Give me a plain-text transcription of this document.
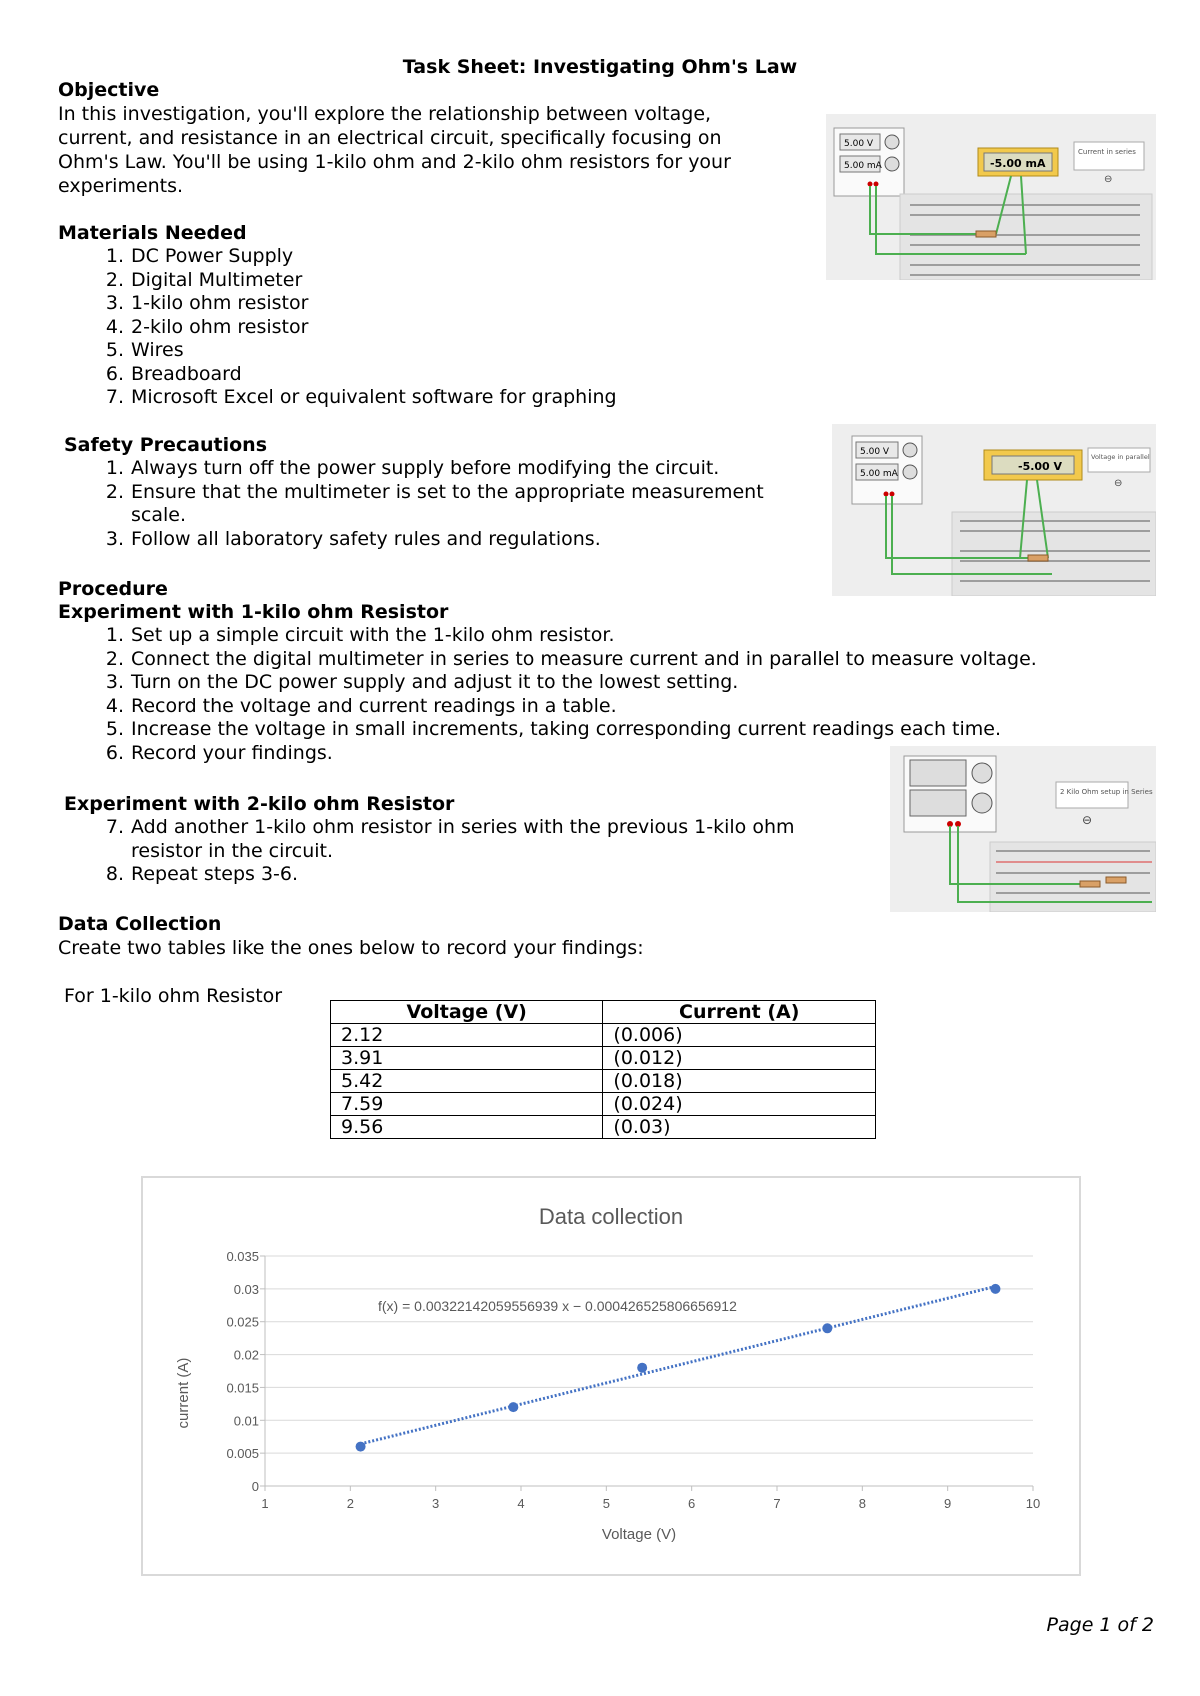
Task Sheet: Investigating Ohm's Law
Objective
In this investigation, you'll explore the relationship between voltage,
current, and resistance in an electrical circuit, specifically focusing on
Ohm's Law. You'll be using 1-kilo ohm and 2-kilo ohm resistors for your
experiments.
Materials Needed
1. DC Power Supply
2. Digital Multimeter
3. 1-kilo ohm resistor
4. 2-kilo ohm resistor
5. Wires
6. Breadboard
7. Microsoft Excel or equivalent software for graphing
Safety Precautions
1. Always turn off the power supply before modifying the circuit.
2. Ensure that the multimeter is set to the appropriate measurement
scale.
3. Follow all laboratory safety rules and regulations.
Procedure
Experiment with 1-kilo ohm Resistor
1. Set up a simple circuit with the 1-kilo ohm resistor.
2. Connect the digital multimeter in series to measure current and in parallel to measure voltage.
3. Turn on the DC power supply and adjust it to the lowest setting.
4. Record the voltage and current readings in a table.
5. Increase the voltage in small increments, taking corresponding current readings each time.
6. Record your findings.
Experiment with 2-kilo ohm Resistor
7. Add another 1-kilo ohm resistor in series with the previous 1-kilo ohm
resistor in the circuit.
8. Repeat steps 3-6.
Data Collection
Create two tables like the ones below to record your findings:
For 1-kilo ohm Resistor
Voltage (V)	Current (A)
2.12	(0.006)
3.91	(0.012)
5.42	(0.018)
7.59	(0.024)
9.56	(0.03)
5.00 V
5.00 mA	-5.00 mA
Current in series
⊖
5.00 V
5.00 mA
-5.00 V
Voltage in parallel
⊖
2 Kilo Ohm setup in Series
⊖
Data collection
0
0.005
0.01
0.015
0.02
0.025
0.03
0.035
1	2	3	4	5	6	7	8	9	10
f(x) = 0.00322142059556939 x − 0.000426525806656912
Voltage (V)
current (A)
Page 1 of 2
